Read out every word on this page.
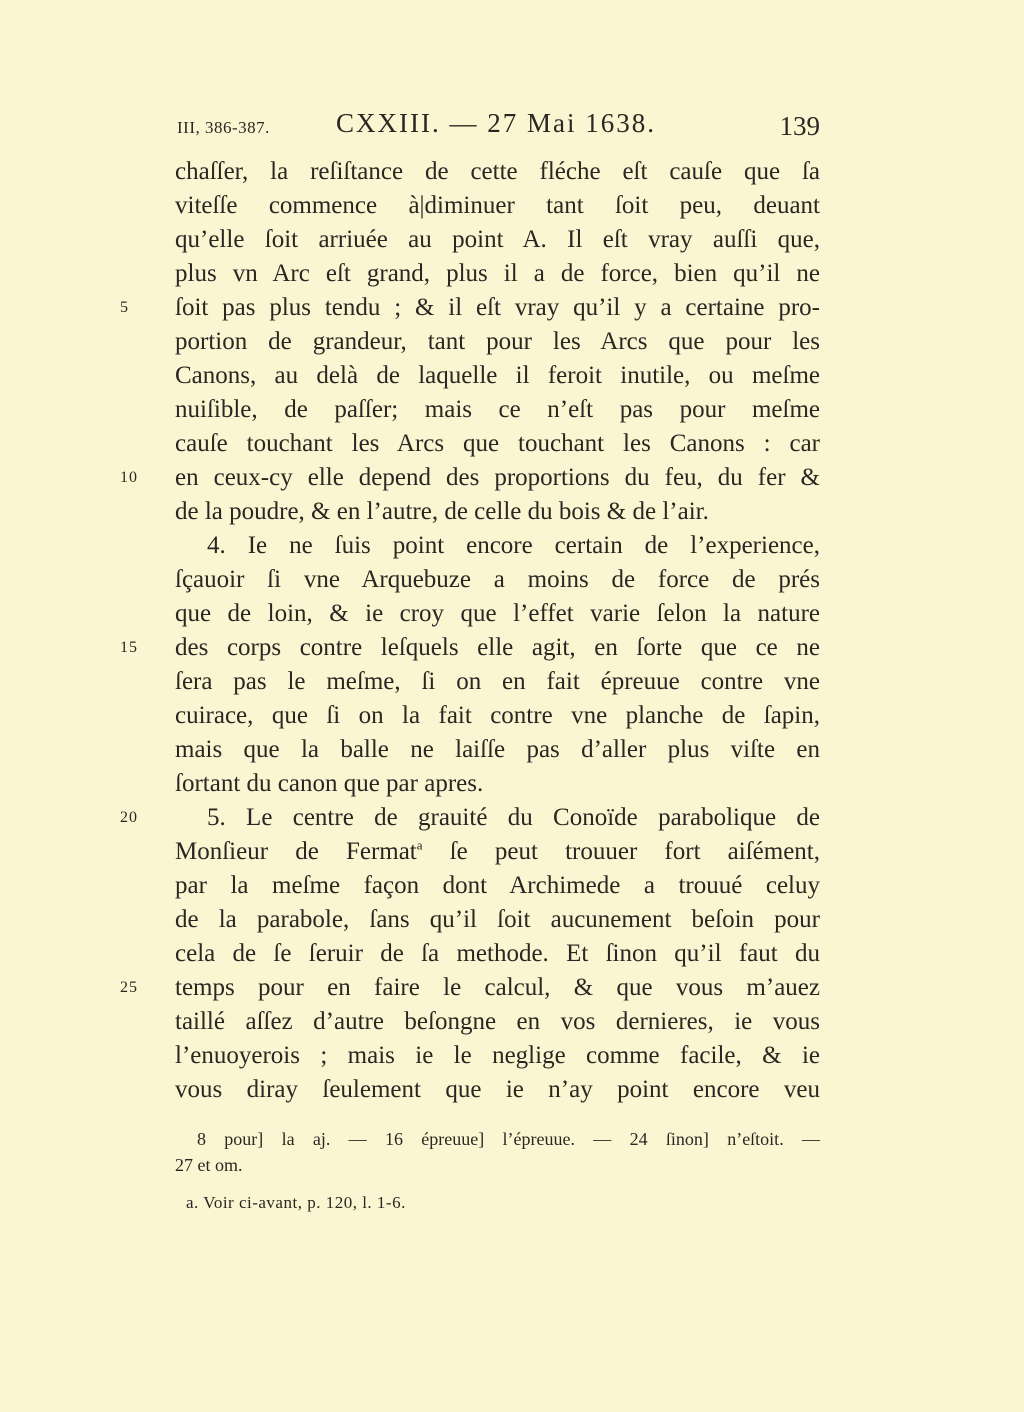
III, 386-387. CXXIII. — 27 Mai 1638.	139
chaſſer, la reſiſtance de cette fléche eſt cauſe que ſa
viteſſe commence à|diminuer tant ſoit peu, deuant
qu’elle ſoit arriuée au point A. Il eſt vray auſſi que,
plus vn Arc eſt grand, plus il a de force, bien qu’il ne
5	ſoit pas plus tendu ; & il eſt vray qu’il y a certaine pro-
portion de grandeur, tant pour les Arcs que pour les
Canons, au delà de laquelle il feroit inutile, ou meſme
nuiſible, de paſſer; mais ce n’eſt pas pour meſme
cauſe touchant les Arcs que touchant les Canons : car
10	en ceux-cy elle depend des proportions du feu, du fer &
de la poudre, & en l’autre, de celle du bois & de l’air.
4. Ie ne ſuis point encore certain de l’experience,
ſçauoir ſi vne Arquebuze a moins de force de prés
que de loin, & ie croy que l’effet varie ſelon la nature
15	des corps contre leſquels elle agit, en ſorte que ce ne
ſera pas le meſme, ſi on en fait épreuue contre vne
cuirace, que ſi on la fait contre vne planche de ſapin,
mais que la balle ne laiſſe pas d’aller plus viſte en
ſortant du canon que par apres.
20	5. Le centre de grauité du Conoïde parabolique de
Monſieur de Fermat$^a$ ſe peut trouuer fort aiſément,
par la meſme façon dont Archimede a trouué celuy
de la parabole, ſans qu’il ſoit aucunement beſoin pour
cela de ſe ſeruir de ſa methode. Et ſinon qu’il faut du
25	temps pour en faire le calcul, & que vous m’auez
taillé aſſez d’autre beſongne en vos dernieres, ie vous
l’enuoyerois ; mais ie le neglige comme facile, & ie
vous diray ſeulement que ie n’ay point encore veu
8 pour] la aj. — 16 épreuue] l’épreuue. — 24 ſinon] n’eſtoit. —
27 et om.
a. Voir ci-avant, p. 120, l. 1-6.
